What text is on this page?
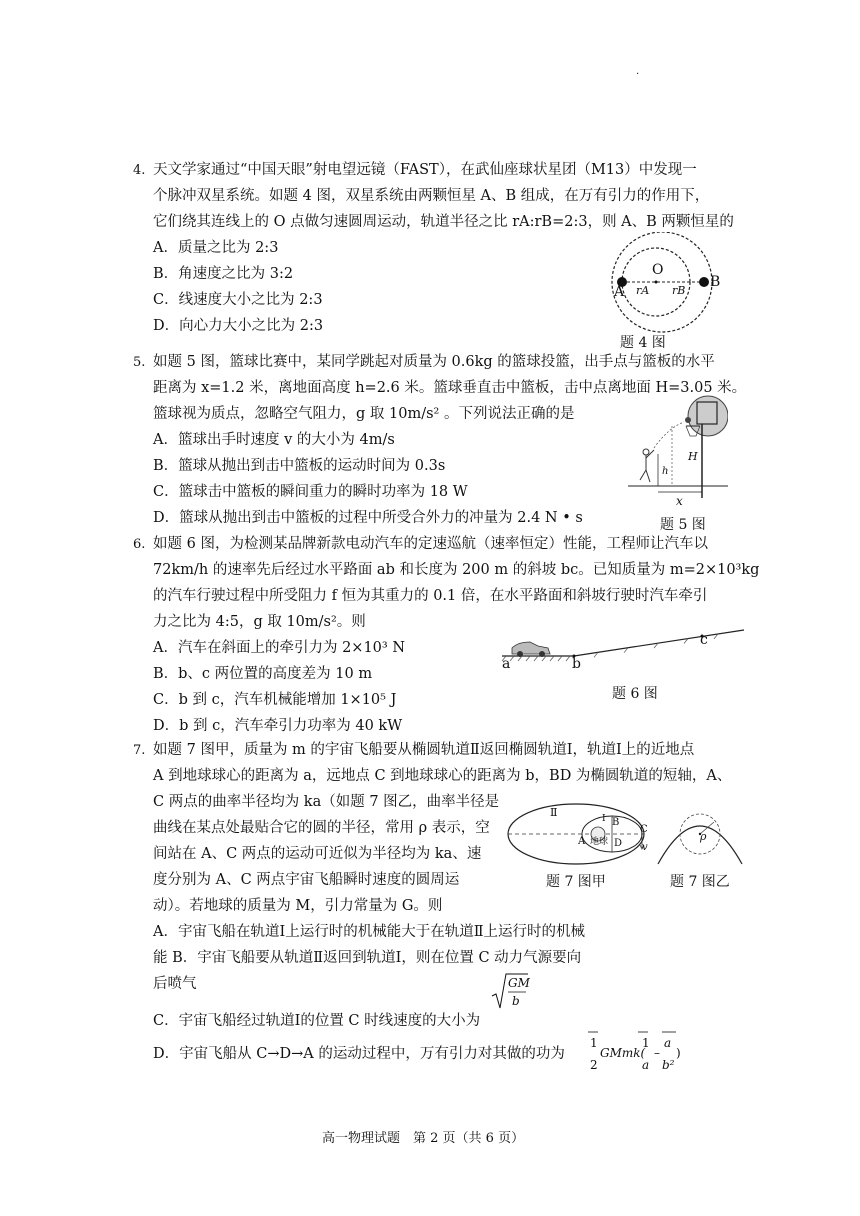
.
4. 天文学家通过“中国天眼”射电望远镜（FAST），在武仙座球状星团（M13）中发现一
个脉冲双星系统。如题 4 图，双星系统由两颗恒星 A、B 组成，在万有引力的作用下，
它们绕其连线上的 O 点做匀速圆周运动，轨道半径之比 rA:rB=2:3，则 A、B 两颗恒星的
A．质量之比为 2:3
B．角速度之比为 3:2
C．线速度大小之比为 2:3
D．向心力大小之比为 2:3
O
A
B
rA rB
题 4 图
5. 如题 5 图，篮球比赛中，某同学跳起对质量为 0.6kg 的篮球投篮，出手点与篮板的水平
距离为 x=1.2 米，离地面高度 h=2.6 米。篮球垂直击中篮板，击中点离地面 H=3.05 米。
篮球视为质点，忽略空气阻力，g 取 10m/s² 。下列说法正确的是
A．篮球出手时速度 v 的大小为 4m/s
B．篮球从抛出到击中篮板的运动时间为 0.3s
C．篮球击中篮板的瞬间重力的瞬时功率为 18 W
D．篮球从抛出到击中篮板的过程中所受合外力的冲量为 2.4 N • s
H
h
x
题 5 图
6. 如题 6 图，为检测某品牌新款电动汽车的定速巡航（速率恒定）性能，工程师让汽车以
72km/h 的速率先后经过水平路面 ab 和长度为 200 m 的斜坡 bc。已知质量为 m=2×10³kg
的汽车行驶过程中所受阻力 f 恒为其重力的 0.1 倍，在水平路面和斜坡行驶时汽车牵引
力之比为 4:5，g 取 10m/s²。则
A．汽车在斜面上的牵引力为 2×10³ N
B．b、c 两位置的高度差为 10 m
C．b 到 c，汽车机械能增加 1×10⁵ J
D．b 到 c，汽车牵引力功率为 40 kW
a	b
c
题 6 图
7. 如题 7 图甲，质量为 m 的宇宙飞船要从椭圆轨道Ⅱ返回椭圆轨道Ⅰ，轨道Ⅰ上的近地点
A 到地球球心的距离为 a，远地点 C 到地球球心的距离为 b，BD 为椭圆轨道的短轴，A、
C 两点的曲率半径均为 ka（如题 7 图乙，曲率半径是
曲线在某点处最贴合它的圆的半径，常用 ρ 表示，空
间站在 A、C 两点的运动可近似为半径均为 ka、速
度分别为 A、C 两点宇宙飞船瞬时速度的圆周运
动）。若地球的质量为 M，引力常量为 G。则
A．宇宙飞船在轨道Ⅰ上运行时的机械能大于在轨道Ⅱ上运行时的机械
能 B．宇宙飞船要从轨道Ⅱ返回到轨道Ⅰ，则在位置 C 动力气源要向
后喷气
C．宇宙飞船经过轨道Ⅰ的位置 C 时线速度的大小为
D．宇宙飞船从 C→D→A 的运动过程中，万有引力对其做的功为
GM
b
1
2
GMmk(
1
a
–
a
b²
)
Ⅱ	Ⅰ B
C
A 地球 D v
题 7 图甲
ρ
题 7 图乙
高一物理试题　第 2 页（共 6 页）
